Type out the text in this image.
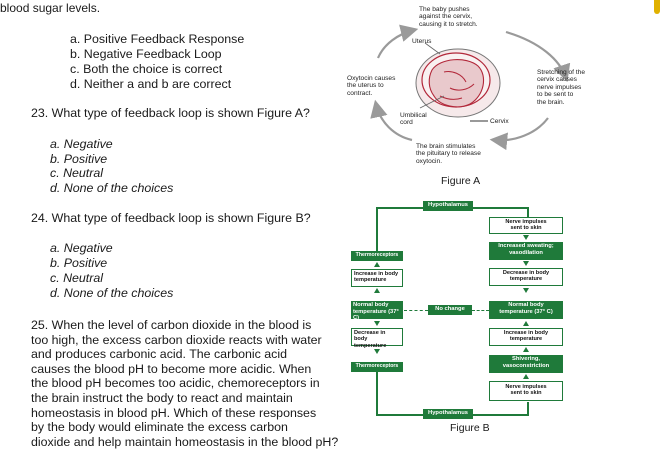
blood sugar levels.
a. Positive Feedback Response
b. Negative Feedback Loop
c. Both the choice is correct
d. Neither a and b are correct
23. What type of feedback loop is shown Figure A?
a. Negative
b. Positive
c. Neutral
d. None of the choices
24. What type of feedback loop is shown Figure B?
a. Negative
b. Positive
c. Neutral
d. None of the choices
25. When the level of carbon dioxide in the blood is
too high, the excess carbon dioxide reacts with water
and produces carbonic acid. The carbonic acid
causes the blood pH to become more acidic. When
the blood pH becomes too acidic, chemoreceptors in
the brain instruct the body to react and maintain
homeostasis in blood pH. Which of these responses
by the body would eliminate the excess carbon
dioxide and help maintain homeostasis in the blood pH?
The baby pushes
against the cervix,
causing it to stretch.
Uterus
Oxytocin causes
the uterus to
contract.
Stretching of the
cervix causes
nerve impulses
to be sent to
the brain.
Umbilical
cord	Cervix
The brain stimulates
the pituitary to release
oxytocin.
Figure A
Hypothalamus
Hypothalamus
Thermoreceptors
Increase in body
temperature
Normal body
temperature (37° C)
Decrease in body
temperature
Thermoreceptors
No change
Nerve impulses
sent to skin
Increased sweating;
vasodilation
Decrease in body
temperature
Normal body
temperature (37° C)
Increase in body
temperature
Shivering,
vasoconstriction
Nerve impulses
sent to skin
Figure B
